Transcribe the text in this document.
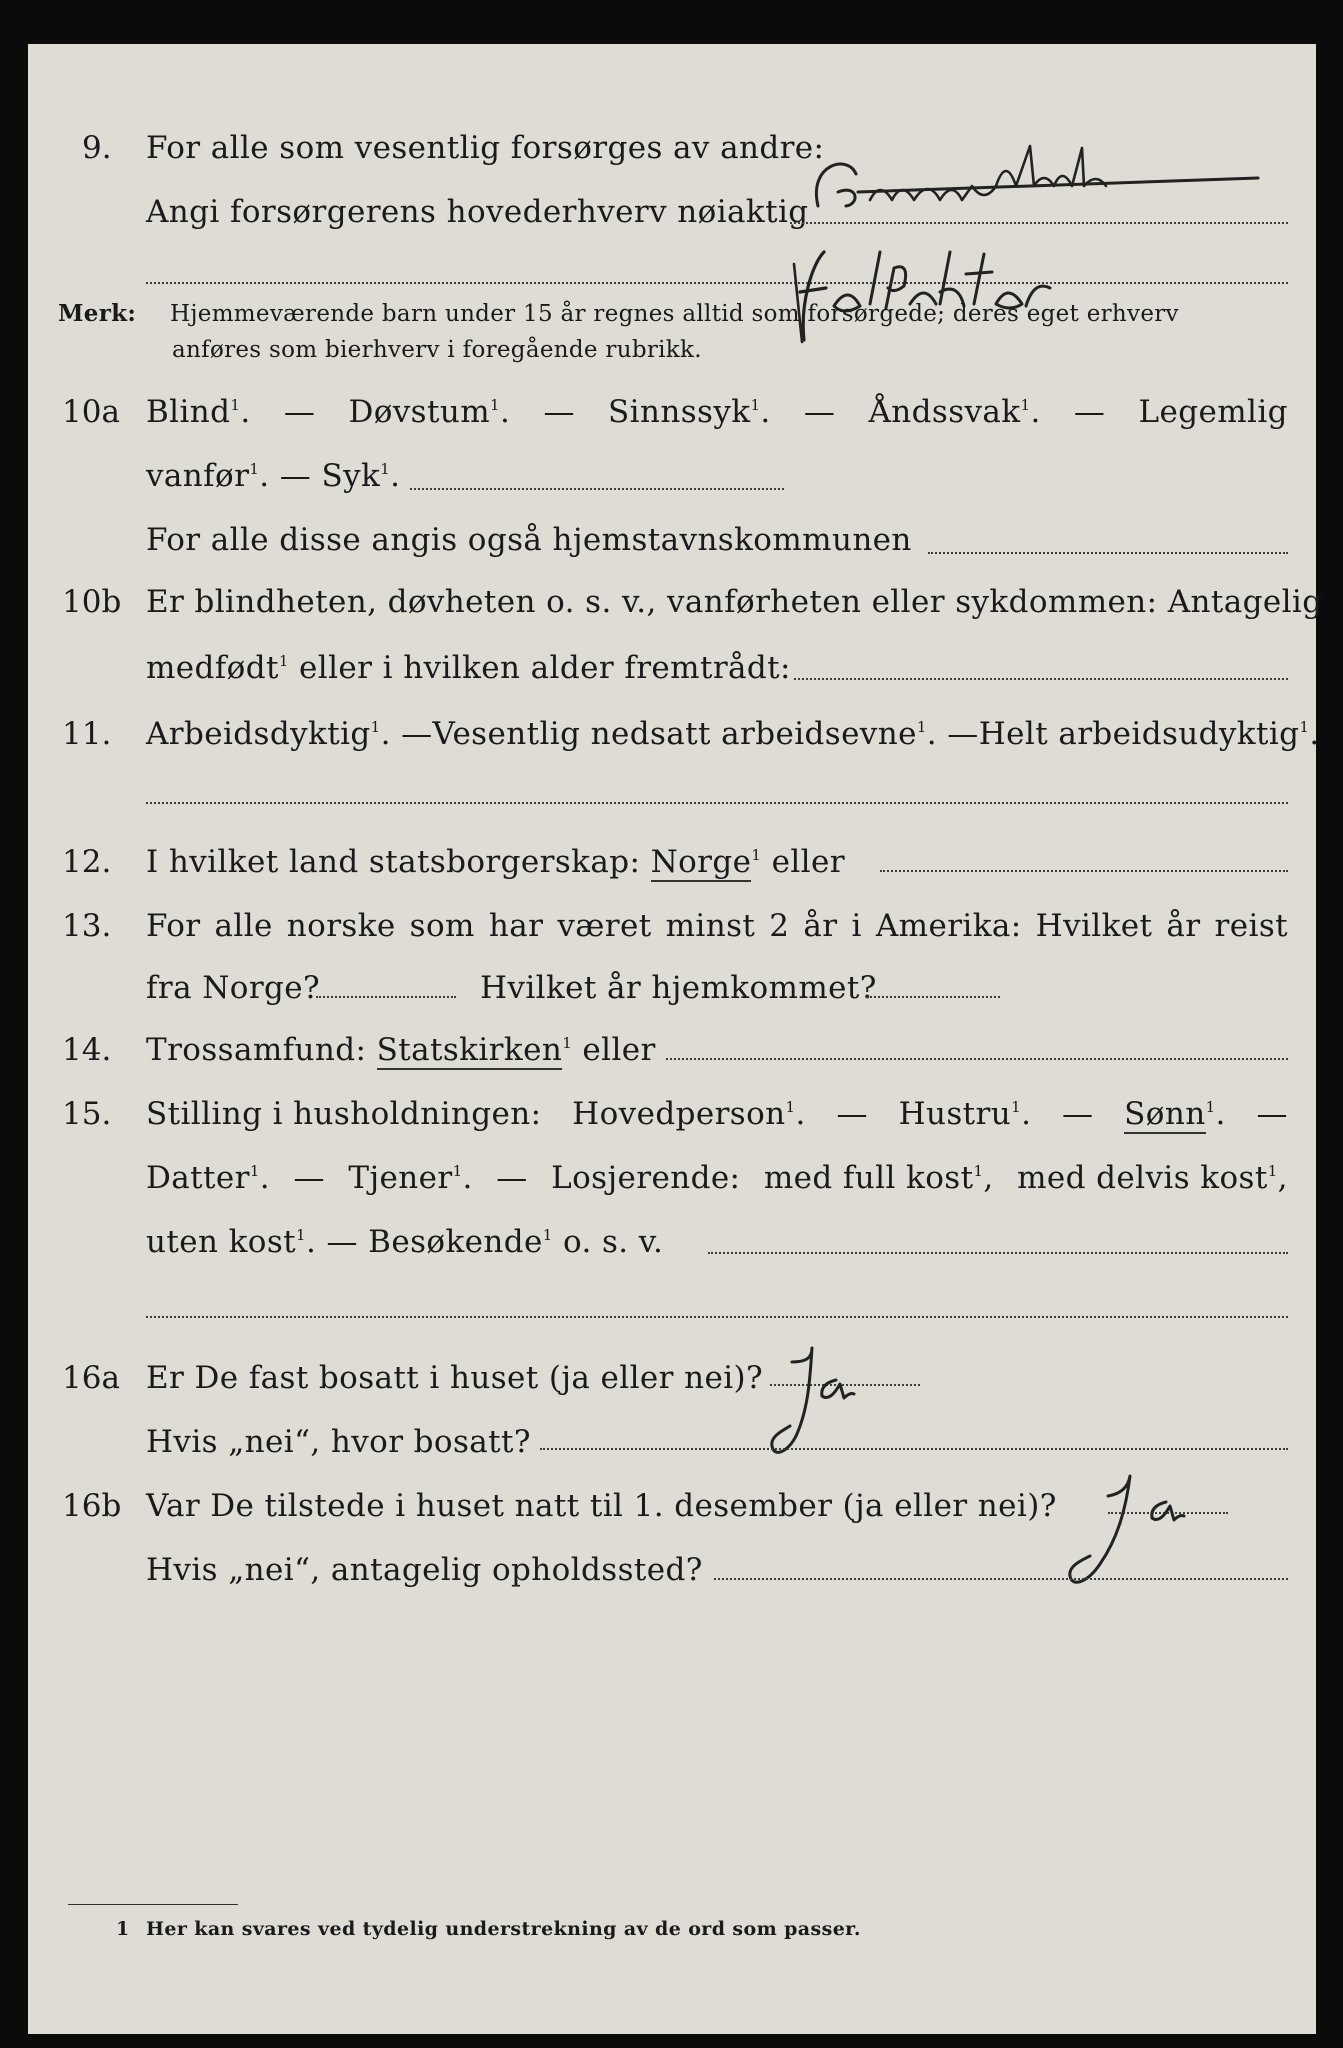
9. For alle som vesentlig forsørges av andre:
Angi forsørgerens hovederhverv nøiaktig
Merk: Hjemmeværende barn under 15 år regnes alltid som forsørgede; deres eget erhverv
anføres som bierhverv i foregående rubrikk.
10a Blind$^1$. — Døvstum$^1$. — Sinnssyk$^1$. — Åndssvak$^1$. — Legemlig
vanfør$^1$. — Syk$^1$.
For alle disse angis også hjemstavnskommunen
10b Er blindheten, døvheten o. s. v., vanførheten eller sykdommen: Antagelig
medfødt$^1$ eller i hvilken alder fremtrådt:
11. Arbeidsdyktig$^1$. — Vesentlig nedsatt arbeidsevne$^1$. — Helt arbeidsudyktig$^1$.
12. I hvilket land statsborgerskap: Norge$^1$ eller
13. For alle norske som har været minst 2 år i Amerika: Hvilket år reist
fra Norge?	Hvilket år hjemkommet?
14. Trossamfund: Statskirken$^1$ eller
15. Stilling i husholdningen: Hovedperson$^1$. — Hustru$^1$. — Sønn$^1$. —
Datter$^1$. — Tjener$^1$. — Losjerende: med full kost$^1$, med delvis kost$^1$,
uten kost$^1$. — Besøkende$^1$ o. s. v.
16a Er De fast bosatt i huset (ja eller nei)?
Hvis „nei“, hvor bosatt?
16b Var De tilstede i huset natt til 1. desember (ja eller nei)?
Hvis „nei“, antagelig opholdssted?
1 Her kan svares ved tydelig understrekning av de ord som passer.
